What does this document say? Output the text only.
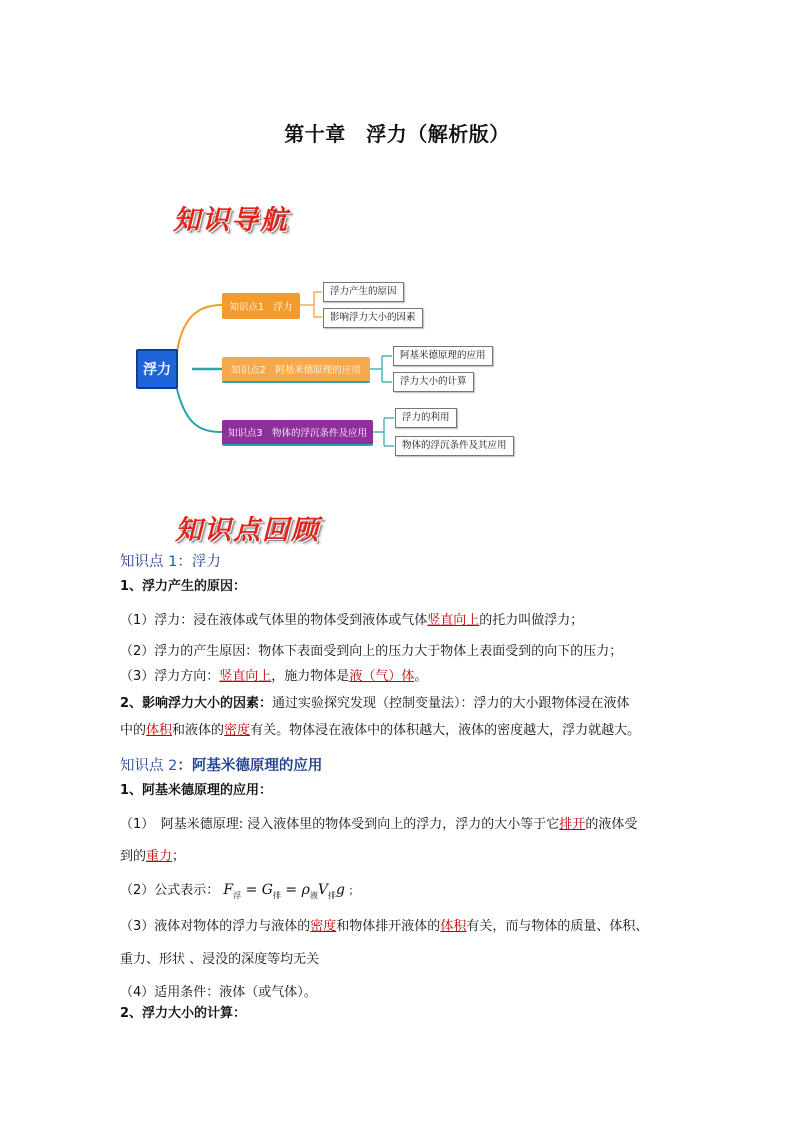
第十章　浮力（解析版）
知识导航
浮力
知识点1　浮力
浮力产生的原因
影响浮力大小的因素
知识点2　阿基米德原理的应用
阿基米德原理的应用
浮力大小的计算
知识点3　物体的浮沉条件及应用
浮力的利用
物体的浮沉条件及其应用
知识点回顾
知识点 1：浮力
1、浮力产生的原因：
（1）浮力：浸在液体或气体里的物体受到液体或气体竖直向上的托力叫做浮力；
（2）浮力的产生原因：物体下表面受到向上的压力大于物体上表面受到的向下的压力；
（3）浮力方向：竖直向上，施力物体是液（气）体。
2、影响浮力大小的因素：通过实验探究发现（控制变量法）：浮力的大小跟物体浸在液体
中的体积和液体的密度有关。物体浸在液体中的体积越大，液体的密度越大，浮力就越大。
知识点 2：阿基米德原理的应用
1、阿基米德原理的应用：
（1）　阿基米德原理: 浸入液体里的物体受到向上的浮力，浮力的大小等于它排开的液体受
到的重力；
（2）公式表示： $F_浮 = G_排 = \rho_液V_排g$ ；
（3）液体对物体的浮力与液体的密度和物体排开液体的体积有关，而与物体的质量、体积、
重力、形状 、浸没的深度等均无关
（4）适用条件：液体（或气体）。
2、浮力大小的计算：
